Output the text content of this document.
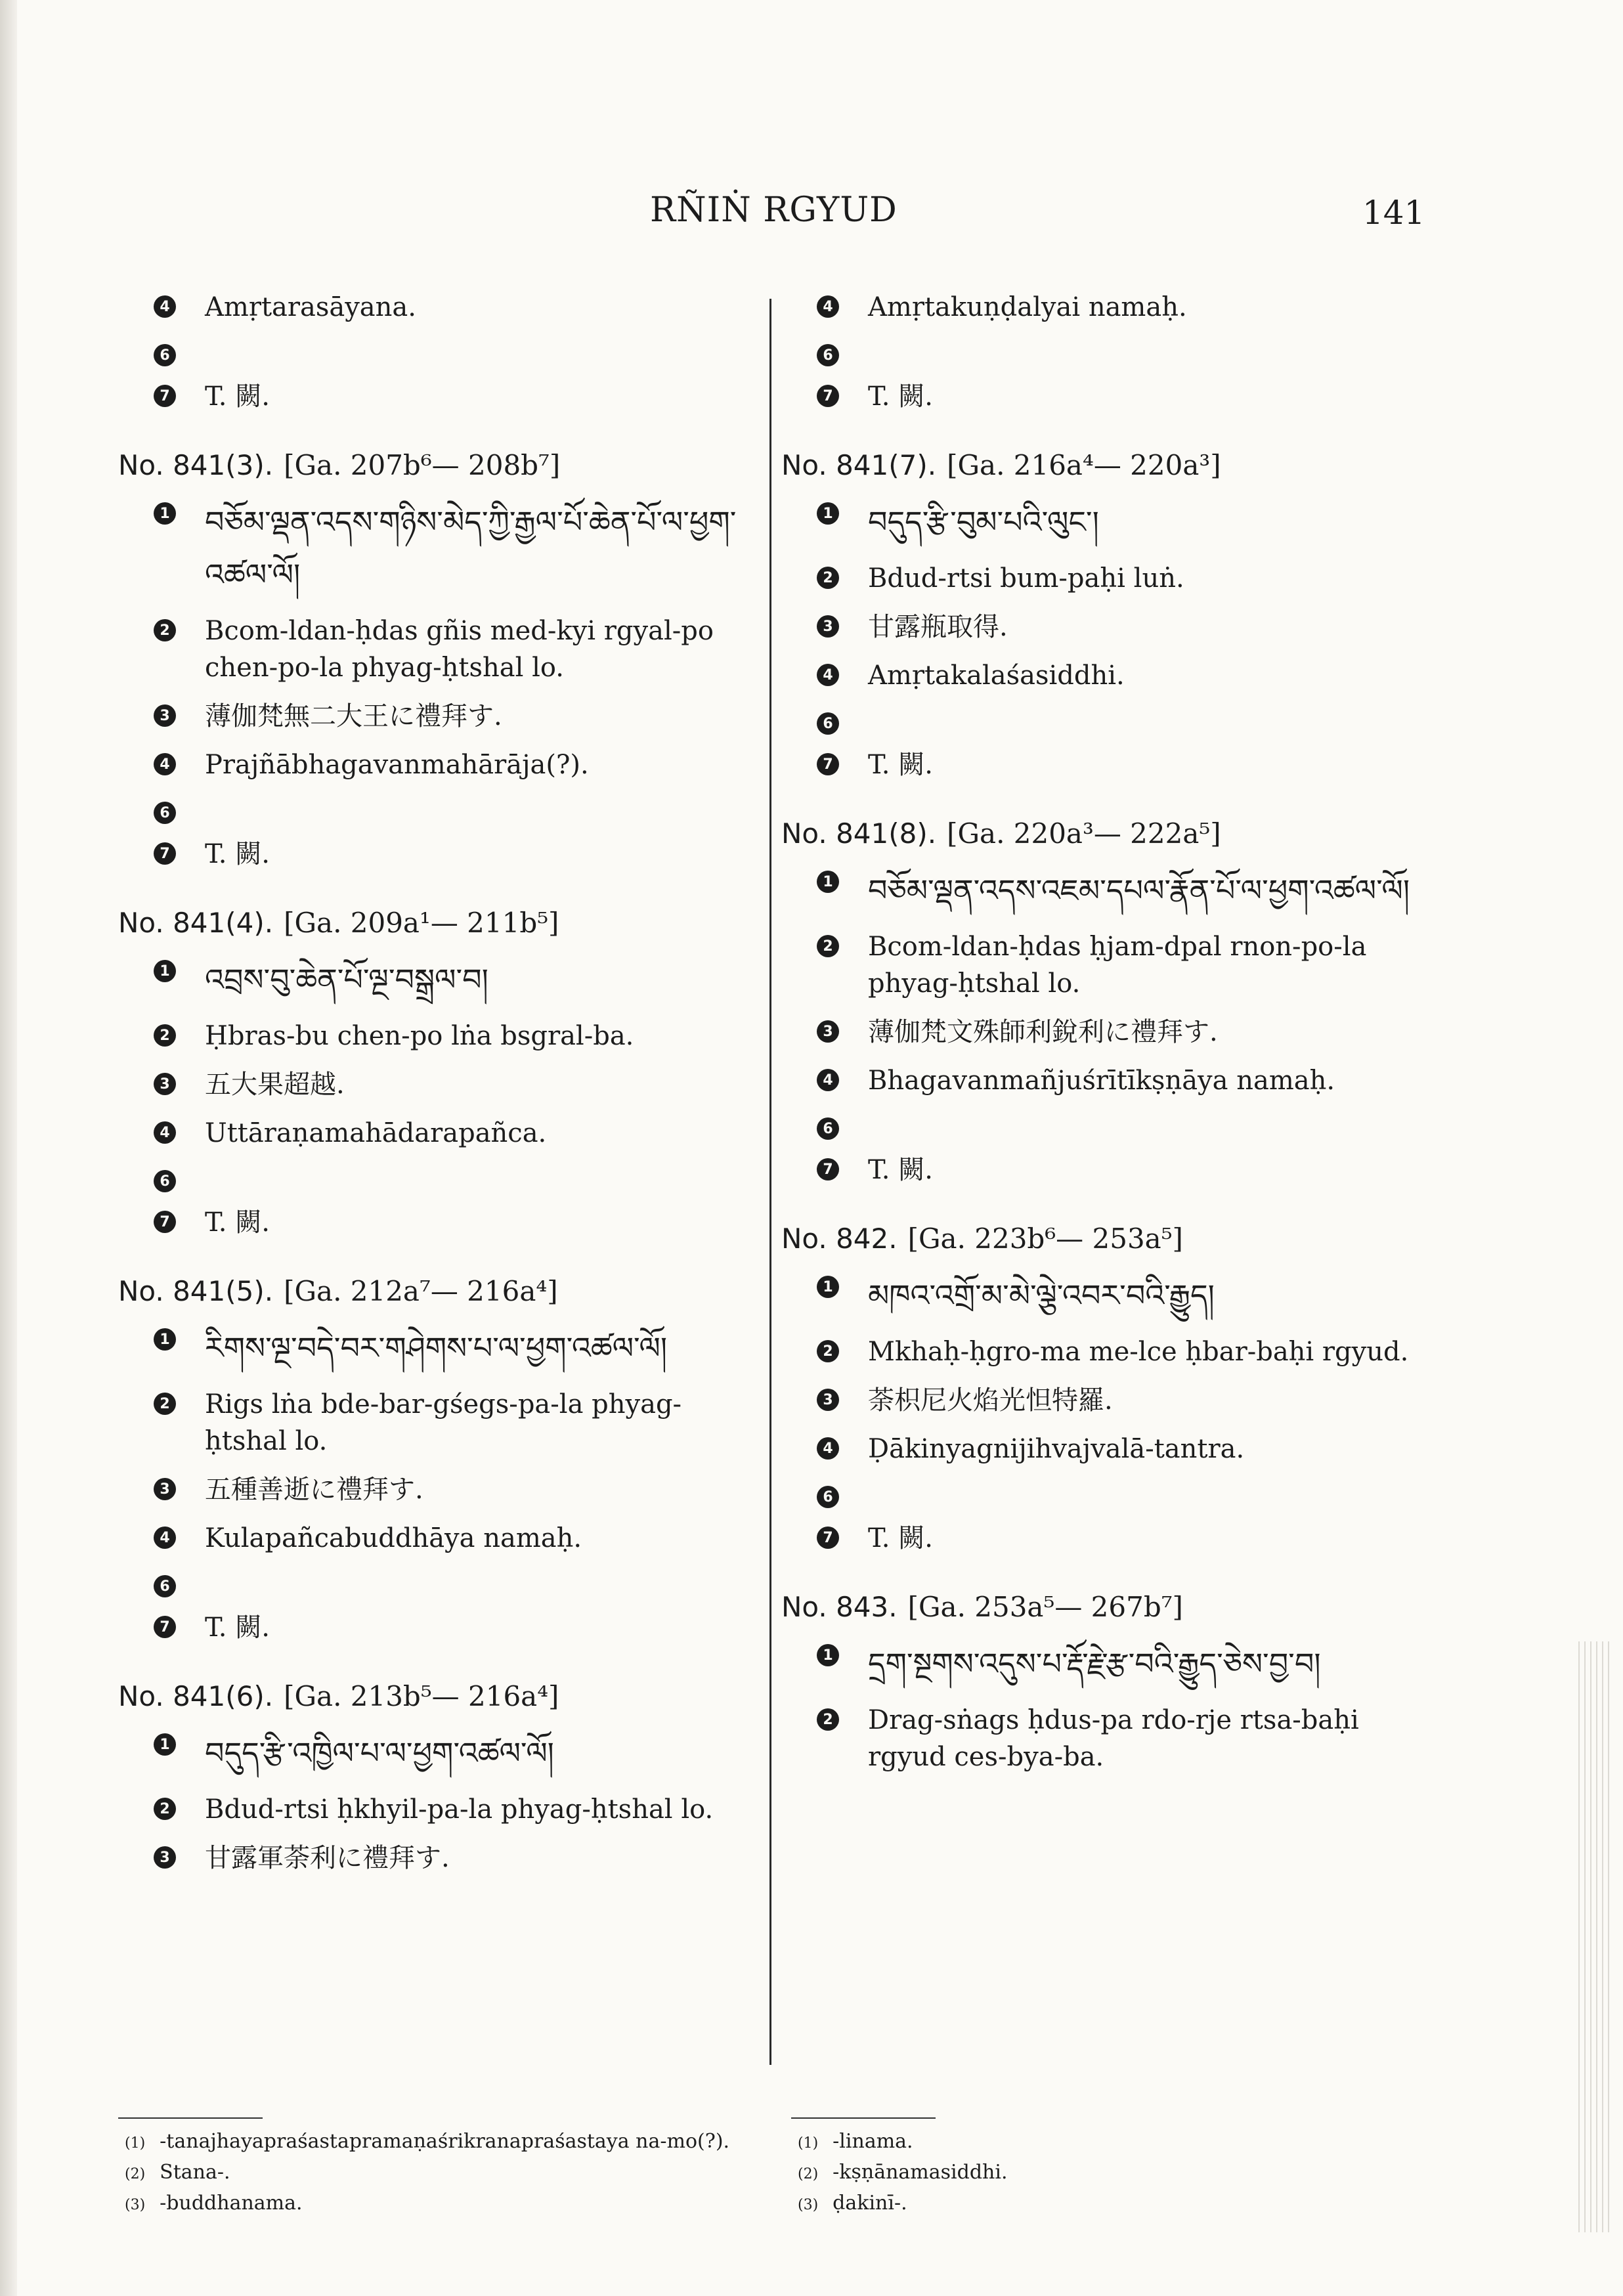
RÑIṄ RGYUD	141
4 Amṛtarasāyana.
6
7 T. 闕.
No. 841(3). [Ga. 207b⁶— 208b⁷]
1 བཅོམ་ལྡན་འདས་གཉིས་མེད་ཀྱི་རྒྱལ་པོ་ཆེན་པོ་ལ་ཕྱག་འཚལ་ལོ།
2 Bcom-ldan-ḥdas gñis med-kyi rgyal-po chen-po-la phyag-ḥtshal lo.
3 薄伽梵無二大王に禮拜す.
4 Prajñābhagavanmahārāja(?).
6
7 T. 闕.
No. 841(4). [Ga. 209a¹— 211b⁵]
1 འབྲས་བུ་ཆེན་པོ་ལྔ་བསྒྲལ་བ།
2 Ḥbras-bu chen-po lṅa bsgral-ba.
3 五大果超越.
4 Uttāraṇamahādarapañca.
6
7 T. 闕.
No. 841(5). [Ga. 212a⁷— 216a⁴]
1 རིགས་ལྔ་བདེ་བར་གཤེགས་པ་ལ་ཕྱག་འཚལ་ལོ།
2 Rigs lṅa bde-bar-gśegs-pa-la phyag-ḥtshal lo.
3 五種善逝に禮拜す.
4 Kulapañcabuddhāya namaḥ.
6
7 T. 闕.
No. 841(6). [Ga. 213b⁵— 216a⁴]
1 བདུད་རྩི་འཁྱིལ་པ་ལ་ཕྱག་འཚལ་ལོ།
2 Bdud-rtsi ḥkhyil-pa-la phyag-ḥtshal lo.
3 甘露軍荼利に禮拜す.
4 Amṛtakuṇḍalyai namaḥ.
6
7 T. 闕.
No. 841(7). [Ga. 216a⁴— 220a³]
1 བདུད་རྩི་བུམ་པའི་ལུང་།
2 Bdud-rtsi bum-paḥi luṅ.
3 甘露瓶取得.
4 Amṛtakalaśasiddhi.
6
7 T. 闕.
No. 841(8). [Ga. 220a³— 222a⁵]
1 བཅོམ་ལྡན་འདས་འཇམ་དཔལ་རྣོན་པོ་ལ་ཕྱག་འཚལ་ལོ།
2 Bcom-ldan-ḥdas ḥjam-dpal rnon-po-la phyag-ḥtshal lo.
3 薄伽梵文殊師利銳利に禮拜す.
4 Bhagavanmañjuśrītīkṣṇāya namaḥ.
6
7 T. 闕.
No. 842. [Ga. 223b⁶— 253a⁵]
1 མཁའ་འགྲོ་མ་མེ་ལྕེ་འབར་བའི་རྒྱུད།
2 Mkhaḥ-ḥgro-ma me-lce ḥbar-baḥi rgyud.
3 荼枳尼火焰光怛特羅.
4 Ḍākinyagnijihvajvalā-tantra.
6
7 T. 闕.
No. 843. [Ga. 253a⁵— 267b⁷]
1 དྲག་སྔགས་འདུས་པ་རྡོ་རྗེ་རྩ་བའི་རྒྱུད་ཅེས་བྱ་བ།
2 Drag-sṅags ḥdus-pa rdo-rje rtsa-baḥi rgyud ces-bya-ba.
(1) -tanajhayapraśastapramaṇaśrikranapraśastaya na-mo(?).
(2) Stana-.
(3) -buddhanama.
(1) -linama.
(2) -kṣṇānamasiddhi.
(3) ḍakinī-.
